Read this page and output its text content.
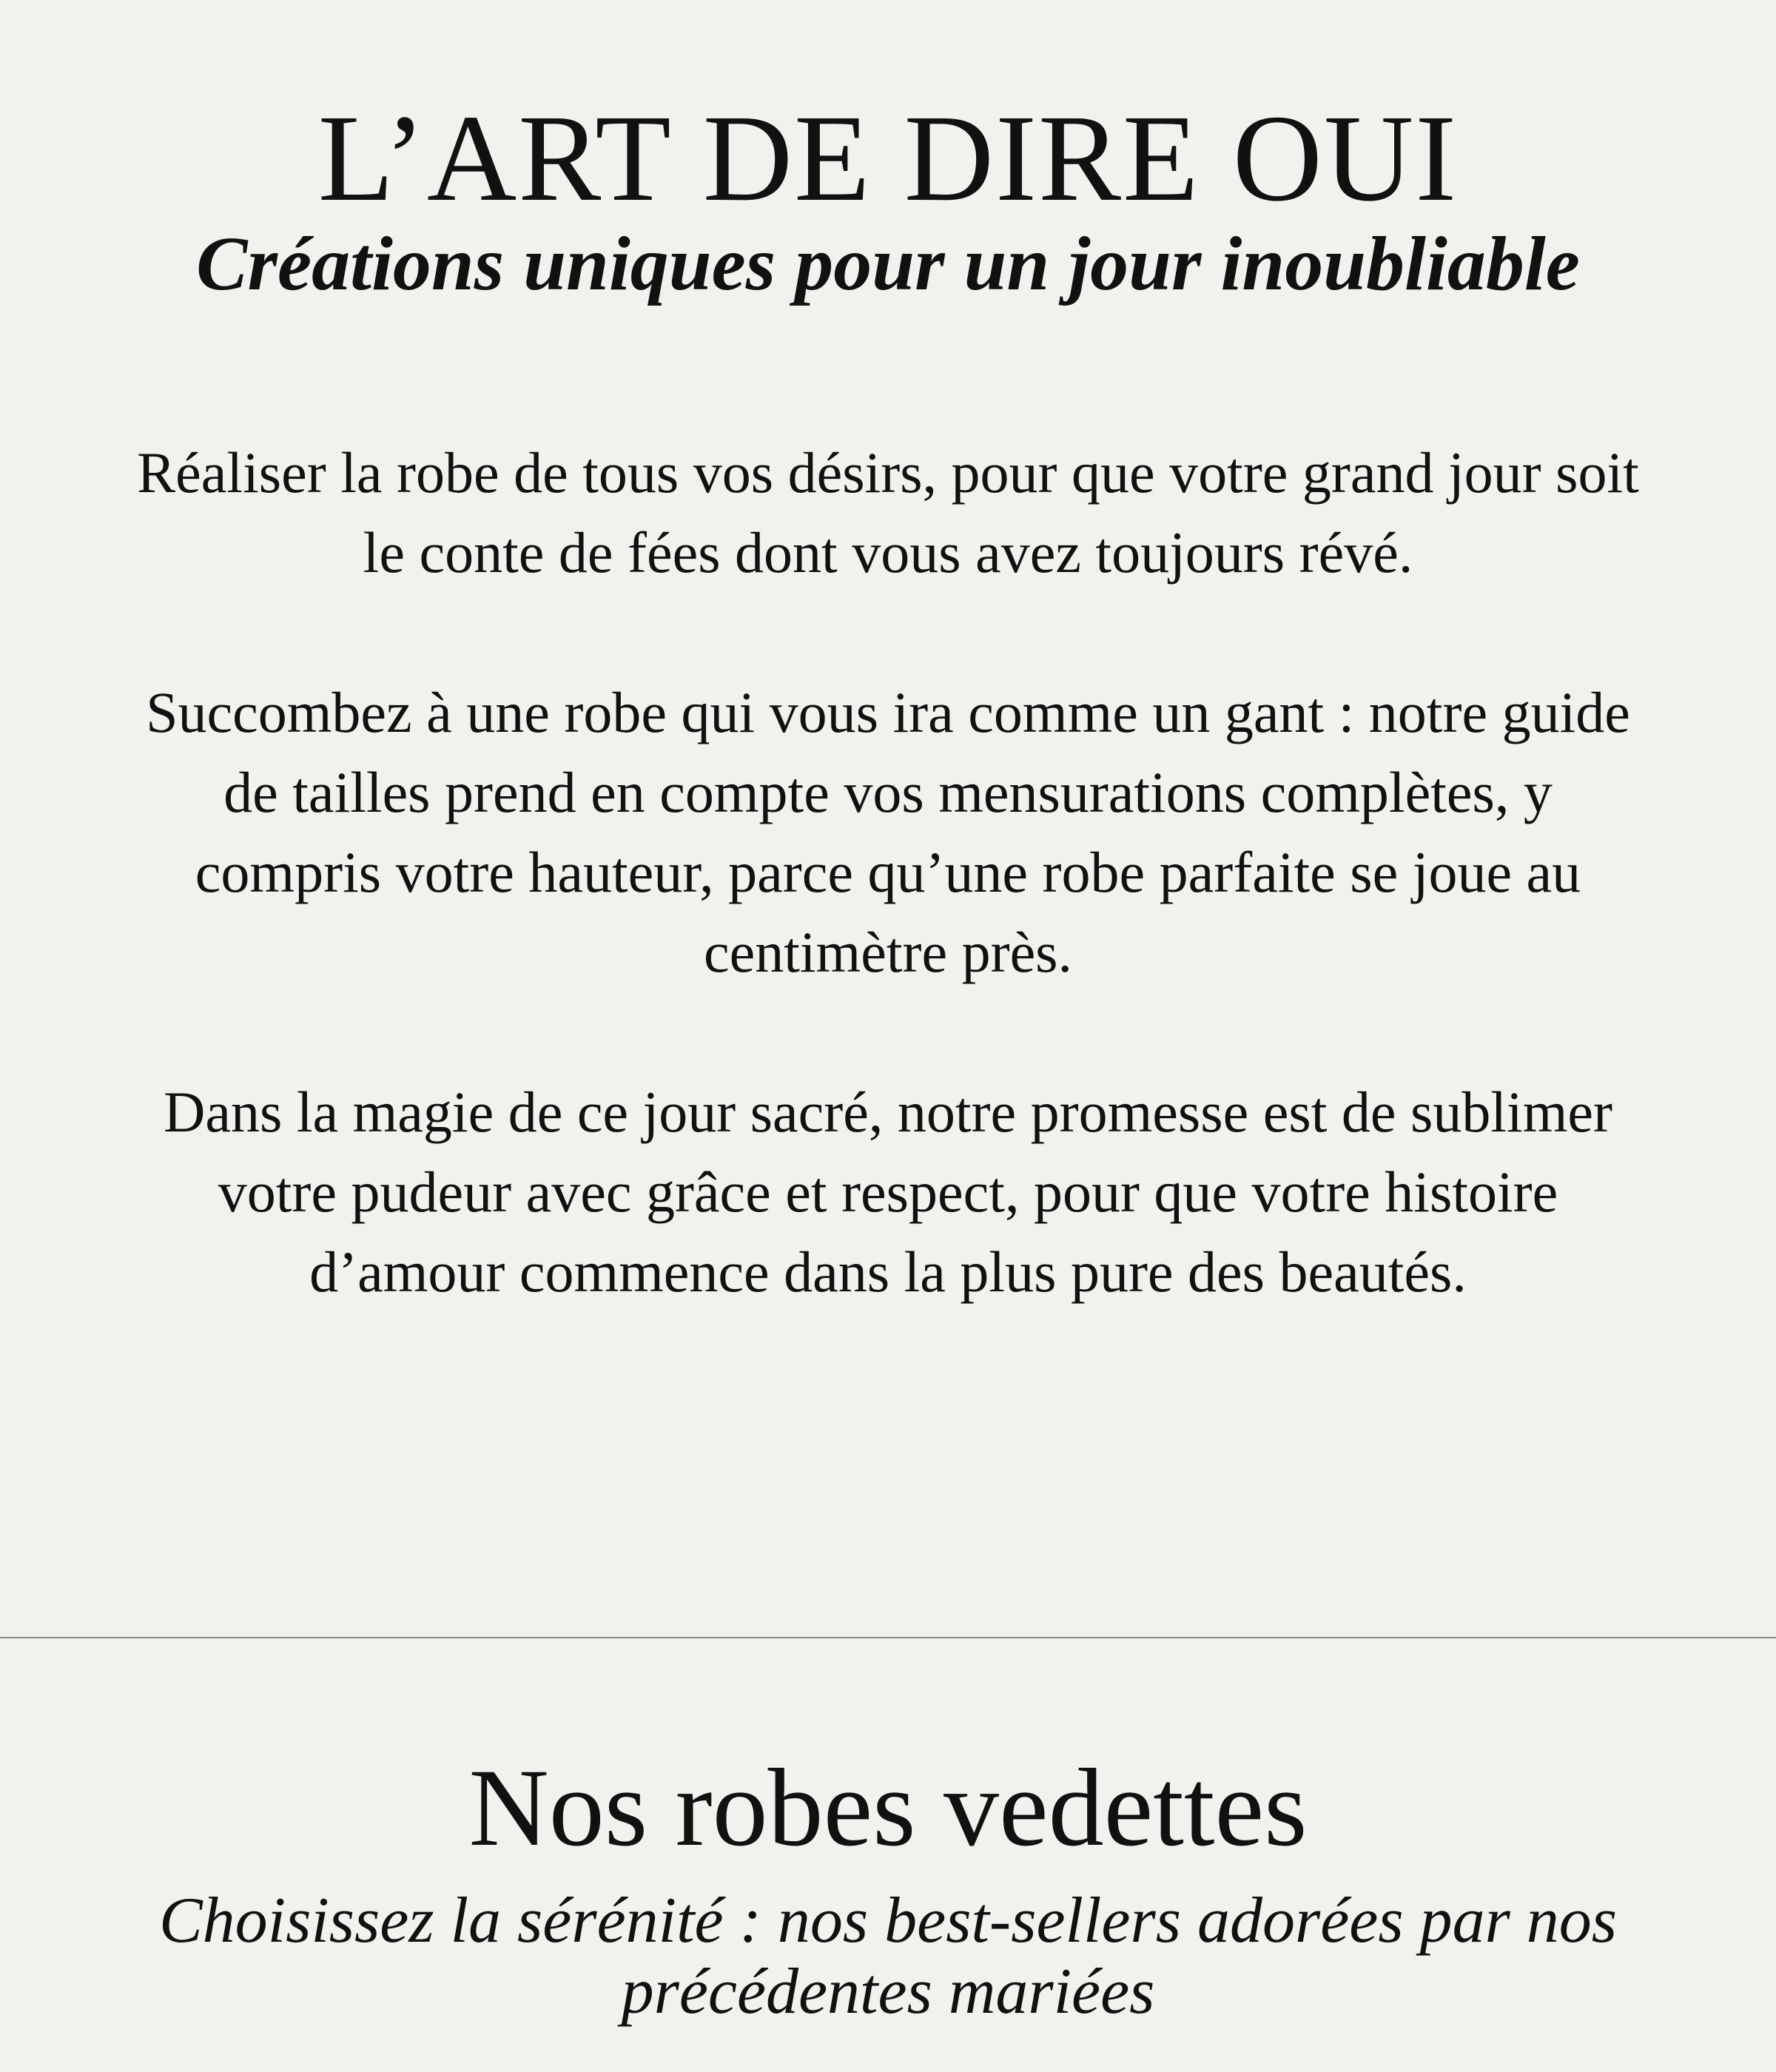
L’ART DE DIRE OUI
Créations uniques pour un jour inoubliable

Réaliser la robe de tous vos désirs, pour que votre grand jour soit le conte de fées dont vous avez toujours révé.

Succombez à une robe qui vous ira comme un gant : notre guide de tailles prend en compte vos mensurations complètes, y compris votre hauteur, parce qu’une robe parfaite se joue au centimètre près.

Dans la magie de ce jour sacré, notre promesse est de sublimer votre pudeur avec grâce et respect, pour que votre histoire d’amour commence dans la plus pure des beautés.

Nos robes vedettes

Choisissez la sérénité : nos best-sellers adorées par nos précédentes mariées
